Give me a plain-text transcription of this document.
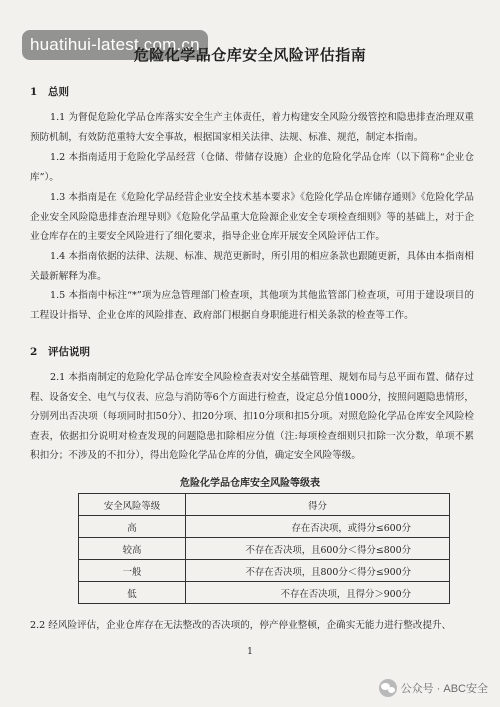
huatihui-latest.com.cn
危险化学品仓库安全风险评估指南
1 总则
1.1 为督促危险化学品仓库落实安全生产主体责任，着力构建安全风险分级管控和隐患排查治理双重预防机制，有效防范重特大安全事故，根据国家相关法律、法规、标准、规范，制定本指南。
1.2 本指南适用于危险化学品经营（仓储、带储存设施）企业的危险化学品仓库（以下简称“企业仓库”）。
1.3 本指南是在《危险化学品经营企业安全技术基本要求》《危险化学品仓库储存通则》《危险化学品企业安全风险隐患排查治理导则》《危险化学品重大危险源企业安全专项检查细则》等的基础上，对于企业仓库存在的主要安全风险进行了细化要求，指导企业仓库开展安全风险评估工作。
1.4 本指南依据的法律、法规、标准、规范更新时，所引用的相应条款也跟随更新，具体由本指南相关最新解释为准。
1.5 本指南中标注“*”项为应急管理部门检查项，其他项为其他监管部门检查项，可用于建设项目的工程设计指导、企业仓库的风险排查、政府部门根据自身职能进行相关条款的检查等工作。
2 评估说明
2.1 本指南制定的危险化学品仓库安全风险检查表对安全基础管理、规划布局与总平面布置、储存过程、设备安全、电气与仪表、应急与消防等6个方面进行检查，设定总分值1000分，按照问题隐患情形，分别列出否决项（每项同时扣50分）、扣20分项、扣10分项和扣5分项。对照危险化学品仓库安全风险检查表，依据扣分说明对检查发现的问题隐患扣除相应分值（注:每项检查细则只扣除一次分数，单项不累积扣分；不涉及的不扣分），得出危险化学品仓库的分值，确定安全风险等级。
危险化学品仓库安全风险等级表
安全风险等级	得分
高	存在否决项，或得分≤600分
较高	不存在否决项，且600分＜得分≤800分
一般	不存在否决项，且800分＜得分≤900分
低	不存在否决项，且得分＞900分
2.2 经风险评估，企业仓库存在无法整改的否决项的，停产停业整顿，企确实无能力进行整改提升、
1
公众号 · ABC安全
